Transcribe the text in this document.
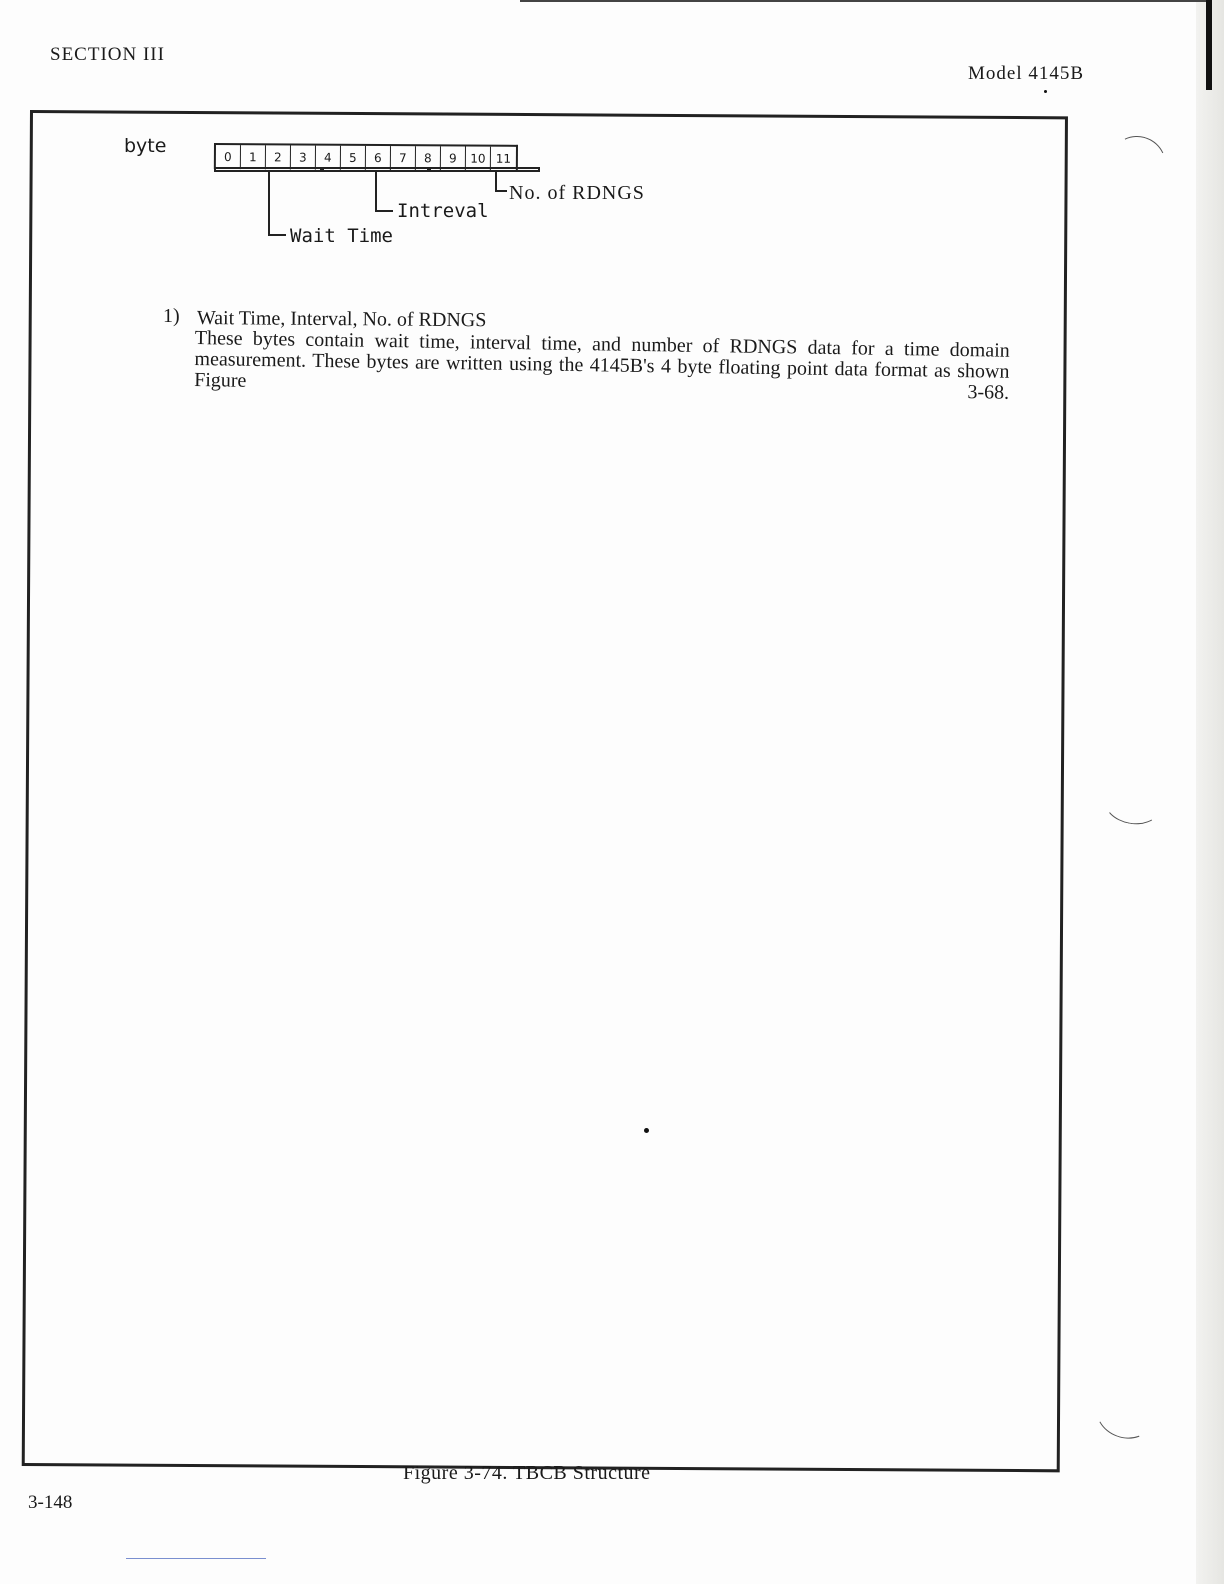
SECTION III
Model 4145B
byte
0	1	2	3	4	5	6	7	8	9	10 11
No. of RDNGS
Intreval
Wait Time
1) Wait Time, Interval, No. of RDNGS
These bytes contain wait time, interval time, and number of RDNGS data for a time domain measurement. These bytes are written using the 4145B's 4 byte floating point data format as shown Figure 3-68.
Figure 3-74. TBCB Structure
3-148
